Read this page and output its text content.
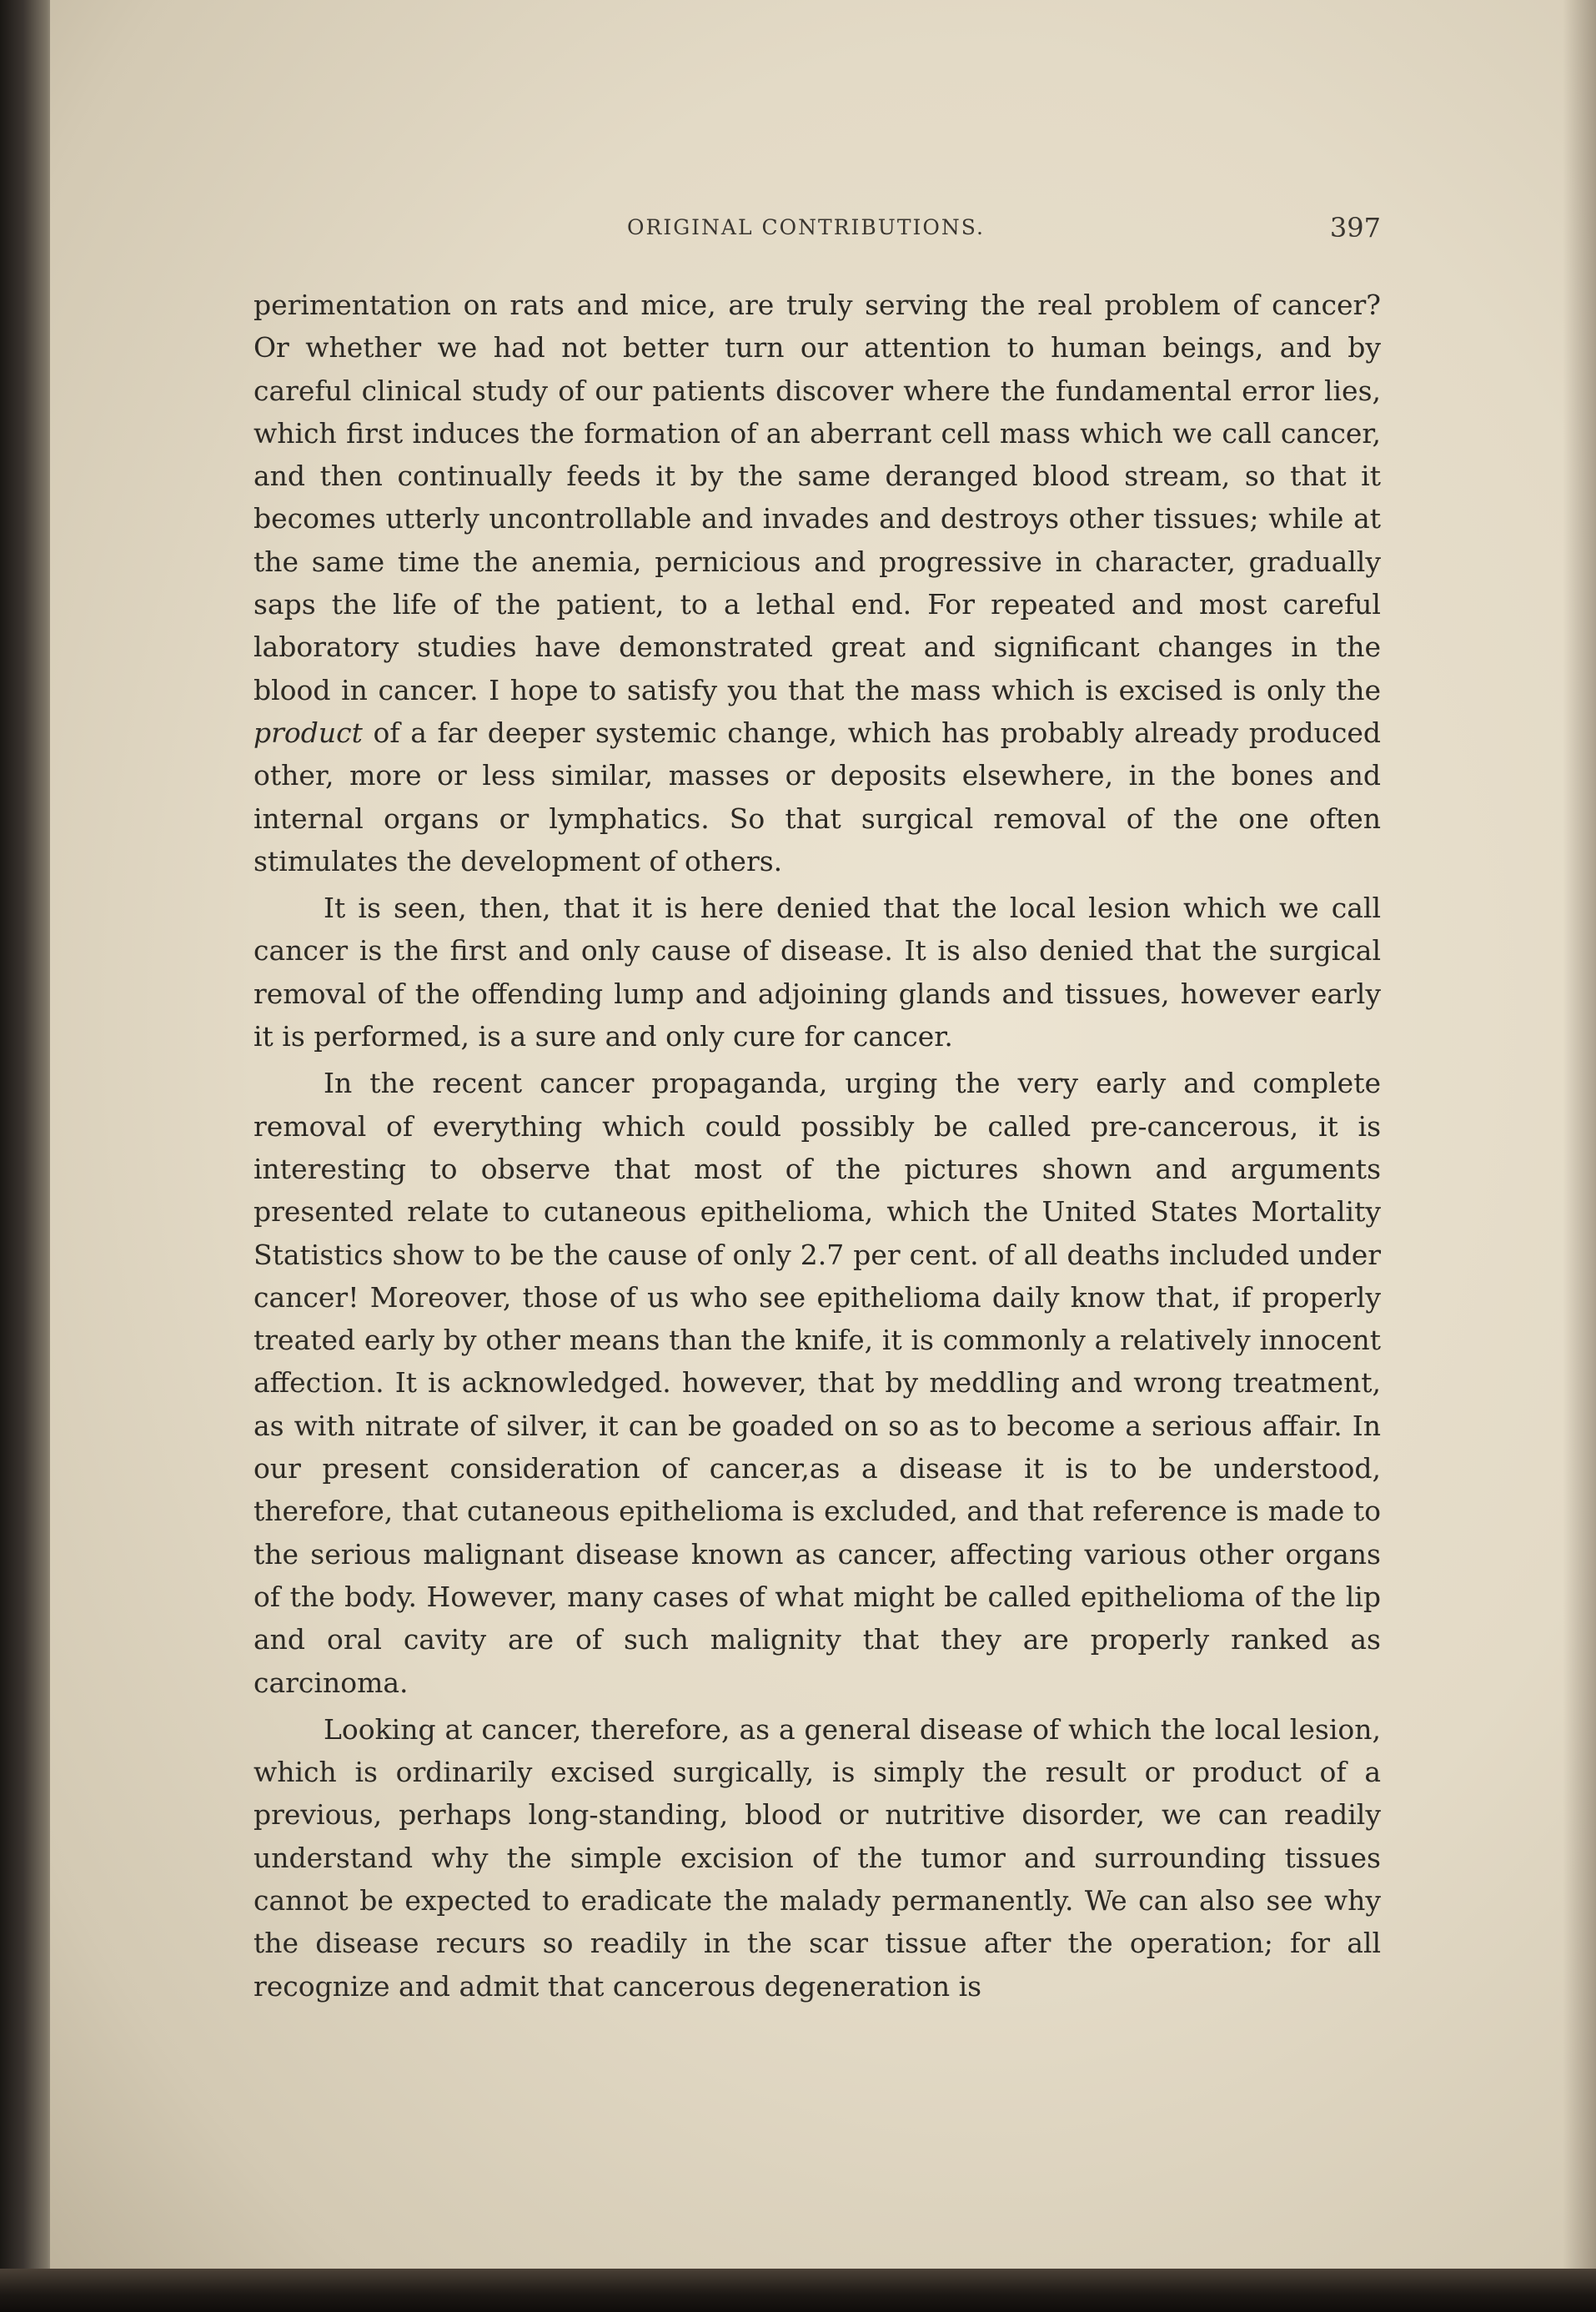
ORIGINAL CONTRIBUTIONS.	397

perimentation on rats and mice, are truly serving the real problem of cancer? Or whether we had not better turn our attention to human beings, and by careful clinical study of our patients discover where the fundamental error lies, which first induces the formation of an aberrant cell mass which we call cancer, and then continually feeds it by the same deranged blood stream, so that it becomes utterly uncontrollable and invades and destroys other tissues; while at the same time the anemia, pernicious and progressive in character, gradually saps the life of the patient, to a lethal end. For repeated and most careful laboratory studies have demonstrated great and significant changes in the blood in cancer. I hope to satisfy you that the mass which is excised is only the product of a far deeper systemic change, which has probably already produced other, more or less similar, masses or deposits elsewhere, in the bones and internal organs or lymphatics. So that surgical removal of the one often stimulates the development of others.

It is seen, then, that it is here denied that the local lesion which we call cancer is the first and only cause of disease. It is also denied that the surgical removal of the offending lump and adjoining glands and tissues, however early it is performed, is a sure and only cure for cancer.

In the recent cancer propaganda, urging the very early and complete removal of everything which could possibly be called pre-cancerous, it is interesting to observe that most of the pictures shown and arguments presented relate to cutaneous epithelioma, which the United States Mortality Statistics show to be the cause of only 2.7 per cent. of all deaths included under cancer! Moreover, those of us who see epithelioma daily know that, if properly treated early by other means than the knife, it is commonly a relatively innocent affection. It is acknowledged. however, that by meddling and wrong treatment, as with nitrate of silver, it can be goaded on so as to become a serious affair. In our present consideration of cancer,as a disease it is to be understood, therefore, that cutaneous epithelioma is excluded, and that reference is made to the serious malignant disease known as cancer, affecting various other organs of the body. However, many cases of what might be called epithelioma of the lip and oral cavity are of such malignity that they are properly ranked as carcinoma.

Looking at cancer, therefore, as a general disease of which the local lesion, which is ordinarily excised surgically, is simply the result or product of a previous, perhaps long-standing, blood or nutritive disorder, we can readily understand why the simple excision of the tumor and surrounding tissues cannot be expected to eradicate the malady permanently. We can also see why the disease recurs so readily in the scar tissue after the operation; for all recognize and admit that cancerous degeneration is
